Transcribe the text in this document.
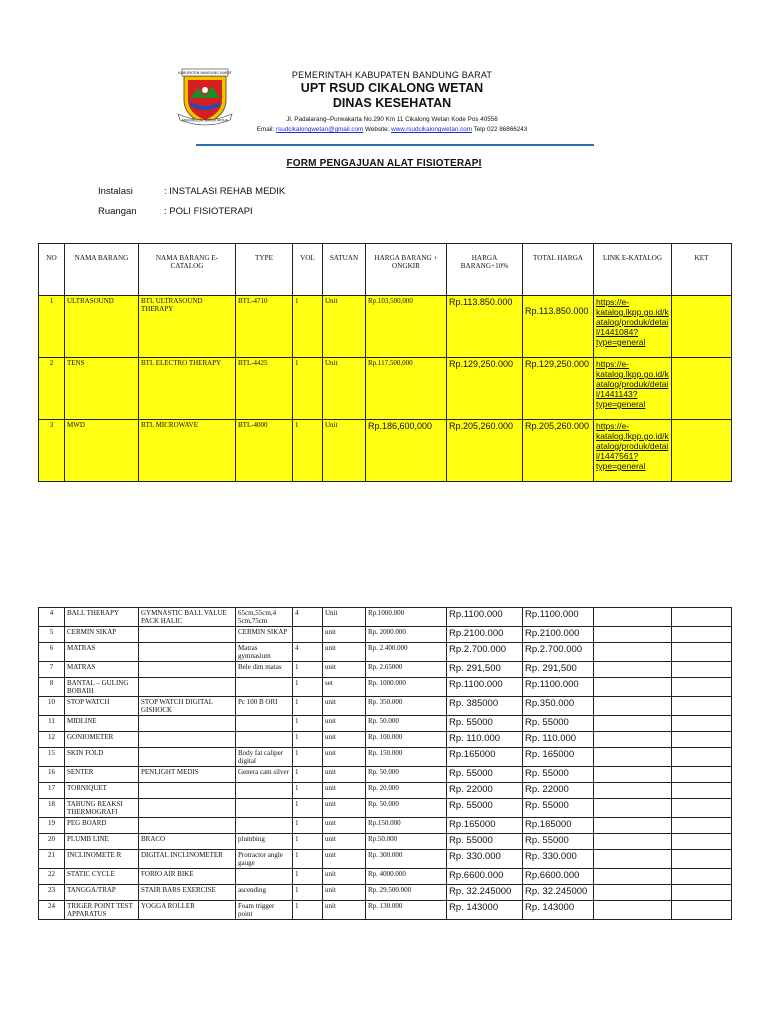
KABUPATEN BANDUNG BARAT
MANUNGGAL KARSA ARTHA
PEMERINTAH KABUPATEN BANDUNG BARAT
UPT RSUD CIKALONG WETAN
DINAS KESEHATAN
Jl. Padalarang–Purwakarta No.290 Km 11 Cikalong Wetan Kode Pos 40556
Email: rsudcikalongwetan@gmail.com Website: www.rsudcikalongwetan.com Telp 022 86866243
FORM PENGAJUAN ALAT FISIOTERAPI
Instalasi	: INSTALASI REHAB MEDIK
Ruangan	: POLI FISIOTERAPI
NO	NAMA BARANG	NAMA BARANG E-CATALOG	TYPE	VOL	SATUAN	HARGA BARANG + ONGKIR	HARGA BARANG+10%	TOTAL HARGA	LINK E-KATALOG	KET
1	ULTRASOUND	BTL ULTRASOUND THERAPY	BTL-4710	1	Unit	Rp.103,500,000	Rp.113.850.000	Rp.113.850.000	https://e-katalog.lkpp.go.id/katalog/produk/detail/1441084?type=general	
2	TENS	BTL ELECTRO THERAPY	BTL-4425	1	Unit	Rp.117,500,000	Rp.129,250.000	Rp.129,250.000	https://e-katalog.lkpp.go.id/katalog/produk/detail/1441143?type=general	
3	MWD	BTL MICROWAVE	BTL-4000	1	Unit	Rp.186,600,000	Rp.205,260.000	Rp.205,260.000	https://e-katalog.lkpp.go.id/katalog/produk/detail/1447561?type=general	
4	BALL THERAPY	GYMNASTIC BALL VALUE PACK HALIC	65cm,55cm,4 5cm,75cm	4	Unit	Rp.1000.000	Rp.1100.000	Rp.1100.000		
5	CERMIN SIKAP		CERMIN SIKAP		unit	Rp. 2000.000	Rp.2100.000	Rp.2100.000		
6	MATRAS		Matras gymnasium	4	unit	Rp. 2.400.000	Rp.2.700.000	Rp.2.700.000		
7	MATRAS		Bele dim matas	1	unit	Rp. 2.65000	Rp. 291,500	Rp. 291,500		
8	BANTAL – GULING BOBAIH			1	set	Rp. 1000.000	Rp.1100.000	Rp.1100.000		
10	STOP WATCH	STOP WATCH DIGITAL GISHOCK	Pc 100 B ORI	1	unit	Rp. 350.000	Rp. 385000	Rp.350.000		
11	MIDLINE			1	unit	Rp. 50.000	Rp. 55000	Rp. 55000		
12	GONIOMETER			1	unit	Rp. 100.000	Rp. 110.000	Rp. 110.000		
15	SKIN FOLD		Body fat caliper digital	1	unit	Rp. 150.000	Rp.165000	Rp. 165000		
16	SENTER	PENLIGHT MEDIS	Genera cam silver	1	unit	Rp. 50.000	Rp. 55000	Rp. 55000		
17	TORNIQUET			1	unit	Rp. 20.000	Rp. 22000	Rp. 22000		
18	TABUNG REAKSI THERMOGRAFI			1	unit	Rp. 50.000	Rp. 55000	Rp. 55000		
19	PEG BOARD			1	unit	Rp.150.000	Rp.165000	Rp.165000		
20	PLUMB LINE	BRACO	plumbing	1	unit	Rp.50.000	Rp. 55000	Rp. 55000		
21	INCLINOMETE R	DIGITAL INCLINOMETER	Protractor angle gauge	1	unit	Rp. 300.000	Rp. 330.000	Rp. 330.000		
22	STATIC CYCLE	FORIO AIR BIKE		1	unit	Rp. 4000.000	Rp.6600.000	Rp.6600.000		
23	TANGGA/TRAP	STAIR BARS EXERCISE	ascending	1	unit	Rp. 29.500.000	Rp. 32.245000	Rp. 32.245000		
24	TRIGER POINT TEST APPARATUS	YOGGA ROLLER	Foam trigger point	1	unit	Rp. 130.000	Rp. 143000	Rp. 143000		
